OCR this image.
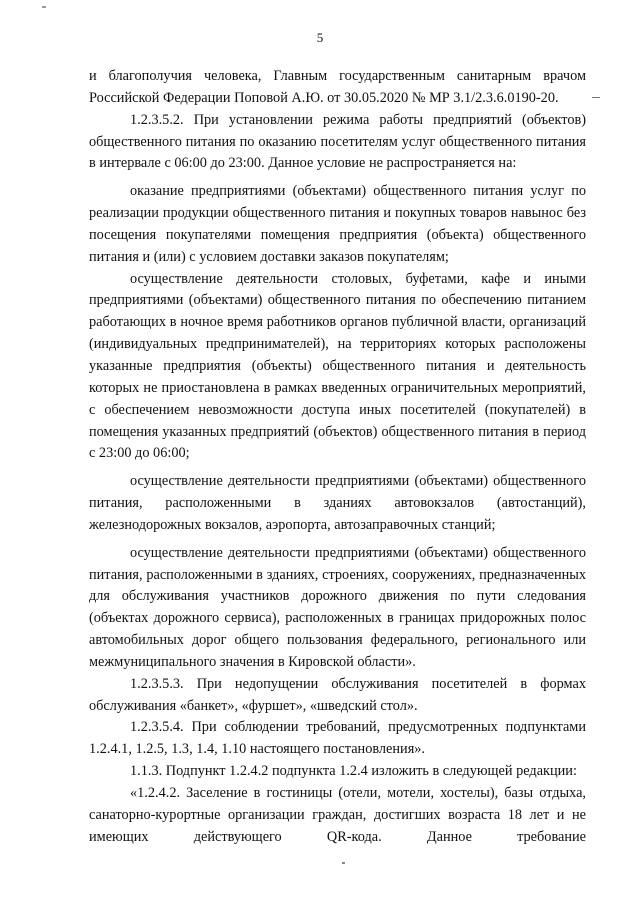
5

и благополучия человека, Главным государственным санитарным врачом Российской Федерации Поповой А.Ю. от 30.05.2020 № МР 3.1/2.3.6.0190-20.

1.2.3.5.2. При установлении режима работы предприятий (объектов) общественного питания по оказанию посетителям услуг общественного питания в интервале с 06:00 до 23:00. Данное условие не распространяется на:

оказание предприятиями (объектами) общественного питания услуг по реализации продукции общественного питания и покупных товаров навынос без посещения покупателями помещения предприятия (объекта) общественного питания и (или) с условием доставки заказов покупателям;

осуществление деятельности столовых, буфетами, кафе и иными предприятиями (объектами) общественного питания по обеспечению питанием работающих в ночное время работников органов публичной власти, организаций (индивидуальных предпринимателей), на территориях которых расположены указанные предприятия (объекты) общественного питания и деятельность которых не приостановлена в рамках введенных ограничительных мероприятий, с обеспечением невозможности доступа иных посетителей (покупателей) в помещения указанных предприятий (объектов) общественного питания в период с 23:00 до 06:00;

осуществление деятельности предприятиями (объектами) общественного питания, расположенными в зданиях автовокзалов (автостанций), железнодорожных вокзалов, аэропорта, автозаправочных станций;

осуществление деятельности предприятиями (объектами) общественного питания, расположенными в зданиях, строениях, сооружениях, предназначенных для обслуживания участников дорожного движения по пути следования (объектах дорожного сервиса), расположенных в границах придорожных полос автомобильных дорог общего пользования федерального, регионального или межмуниципального значения в Кировской области».

1.2.3.5.3. При недопущении обслуживания посетителей в формах обслуживания «банкет», «фуршет», «шведский стол».

1.2.3.5.4. При соблюдении требований, предусмотренных подпунктами 1.2.4.1, 1.2.5, 1.3, 1.4, 1.10 настоящего постановления».

1.1.3. Подпункт 1.2.4.2 подпункта 1.2.4 изложить в следующей редакции:

«1.2.4.2. Заселение в гостиницы (отели, мотели, хостелы), базы отдыха, санаторно-курортные организации граждан, достигших возраста 18 лет и не имеющих действующего QR-кода. Данное требование
